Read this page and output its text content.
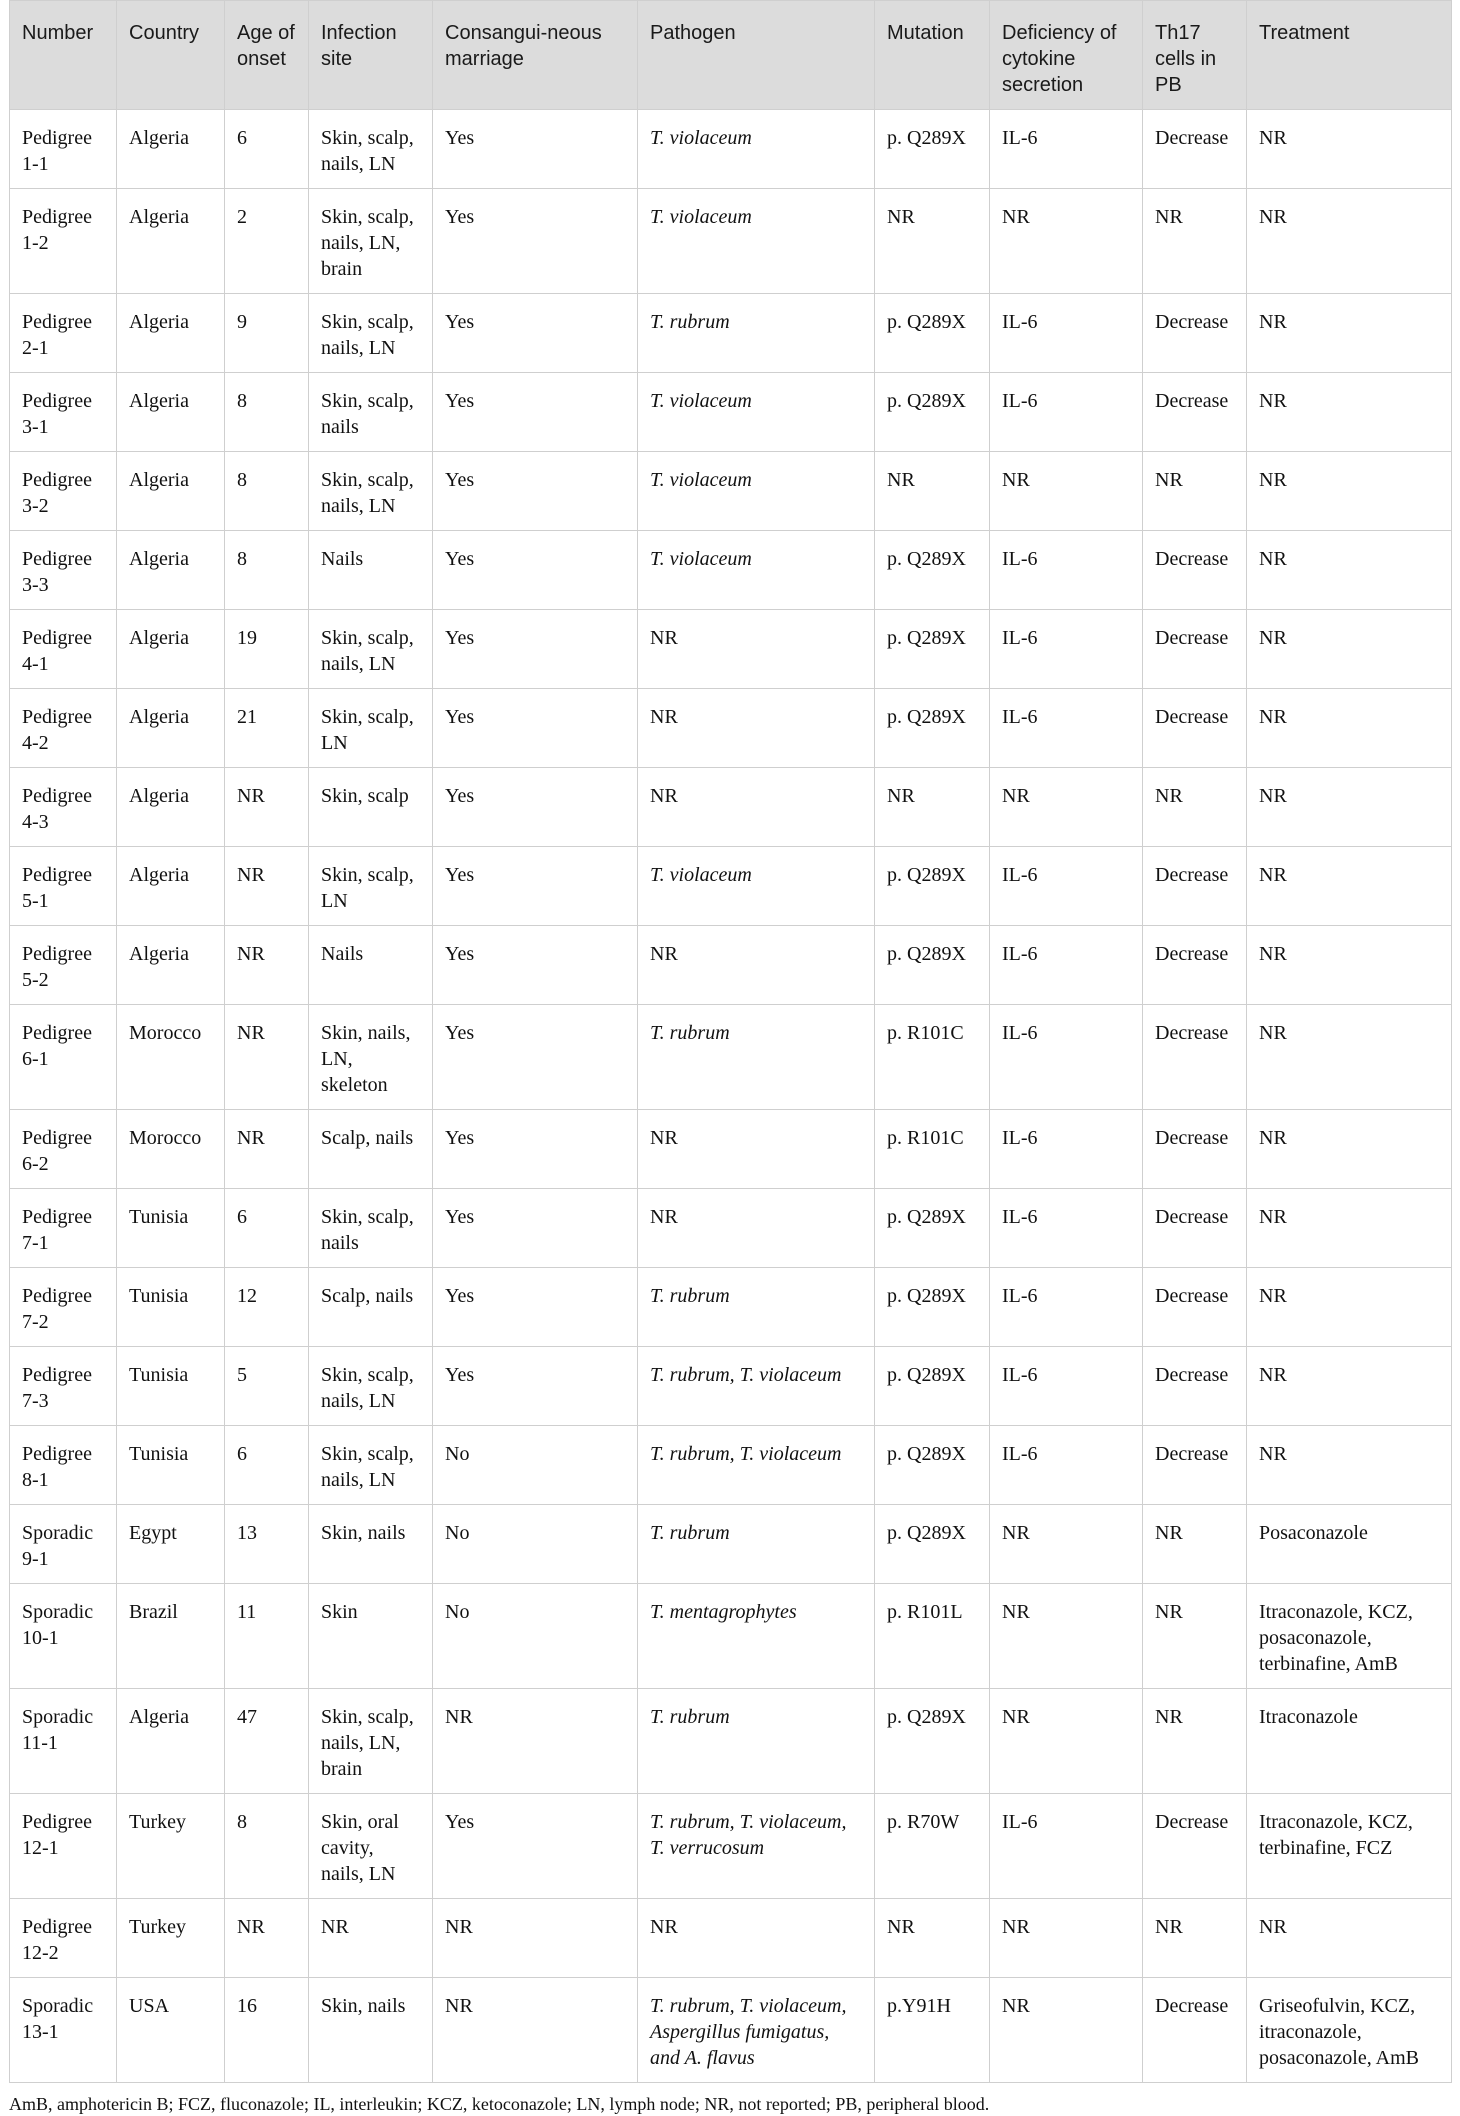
Number	Country	Age of onset	Infection site	Consangui-neous marriage	Pathogen	Mutation	Deficiency of cytokine secretion	Th17 cells in PB	Treatment
Pedigree 1-1	Algeria	6	Skin, scalp, nails, LN	Yes	T. violaceum	p. Q289X	IL-6	Decrease	NR
Pedigree 1-2	Algeria	2	Skin, scalp, nails, LN, brain	Yes	T. violaceum	NR	NR	NR	NR
Pedigree 2-1	Algeria	9	Skin, scalp, nails, LN	Yes	T. rubrum	p. Q289X	IL-6	Decrease	NR
Pedigree 3-1	Algeria	8	Skin, scalp, nails	Yes	T. violaceum	p. Q289X	IL-6	Decrease	NR
Pedigree 3-2	Algeria	8	Skin, scalp, nails, LN	Yes	T. violaceum	NR	NR	NR	NR
Pedigree 3-3	Algeria	8	Nails	Yes	T. violaceum	p. Q289X	IL-6	Decrease	NR
Pedigree 4-1	Algeria	19	Skin, scalp, nails, LN	Yes	NR	p. Q289X	IL-6	Decrease	NR
Pedigree 4-2	Algeria	21	Skin, scalp, LN	Yes	NR	p. Q289X	IL-6	Decrease	NR
Pedigree 4-3	Algeria	NR	Skin, scalp	Yes	NR	NR	NR	NR	NR
Pedigree 5-1	Algeria	NR	Skin, scalp, LN	Yes	T. violaceum	p. Q289X	IL-6	Decrease	NR
Pedigree 5-2	Algeria	NR	Nails	Yes	NR	p. Q289X	IL-6	Decrease	NR
Pedigree 6-1	Morocco	NR	Skin, nails, LN, skeleton	Yes	T. rubrum	p. R101C	IL-6	Decrease	NR
Pedigree 6-2	Morocco	NR	Scalp, nails	Yes	NR	p. R101C	IL-6	Decrease	NR
Pedigree 7-1	Tunisia	6	Skin, scalp, nails	Yes	NR	p. Q289X	IL-6	Decrease	NR
Pedigree 7-2	Tunisia	12	Scalp, nails	Yes	T. rubrum	p. Q289X	IL-6	Decrease	NR
Pedigree 7-3	Tunisia	5	Skin, scalp, nails, LN	Yes	T. rubrum, T. violaceum	p. Q289X	IL-6	Decrease	NR
Pedigree 8-1	Tunisia	6	Skin, scalp, nails, LN	No	T. rubrum, T. violaceum	p. Q289X	IL-6	Decrease	NR
Sporadic 9-1	Egypt	13	Skin, nails	No	T. rubrum	p. Q289X	NR	NR	Posaconazole
Sporadic 10-1	Brazil	11	Skin	No	T. mentagrophytes	p. R101L	NR	NR	Itraconazole, KCZ, posaconazole, terbinafine, AmB
Sporadic 11-1	Algeria	47	Skin, scalp, nails, LN, brain	NR	T. rubrum	p. Q289X	NR	NR	Itraconazole
Pedigree 12-1	Turkey	8	Skin, oral cavity, nails, LN	Yes	T. rubrum, T. violaceum, T. verrucosum	p. R70W	IL-6	Decrease	Itraconazole, KCZ, terbinafine, FCZ
Pedigree 12-2	Turkey	NR	NR	NR	NR	NR	NR	NR	NR
Sporadic 13-1	USA	16	Skin, nails	NR	T. rubrum, T. violaceum, Aspergillus fumigatus, and A. flavus	p.Y91H	NR	Decrease	Griseofulvin, KCZ, itraconazole, posaconazole, AmB
AmB, amphotericin B; FCZ, fluconazole; IL, interleukin; KCZ, ketoconazole; LN, lymph node; NR, not reported; PB, peripheral blood.
